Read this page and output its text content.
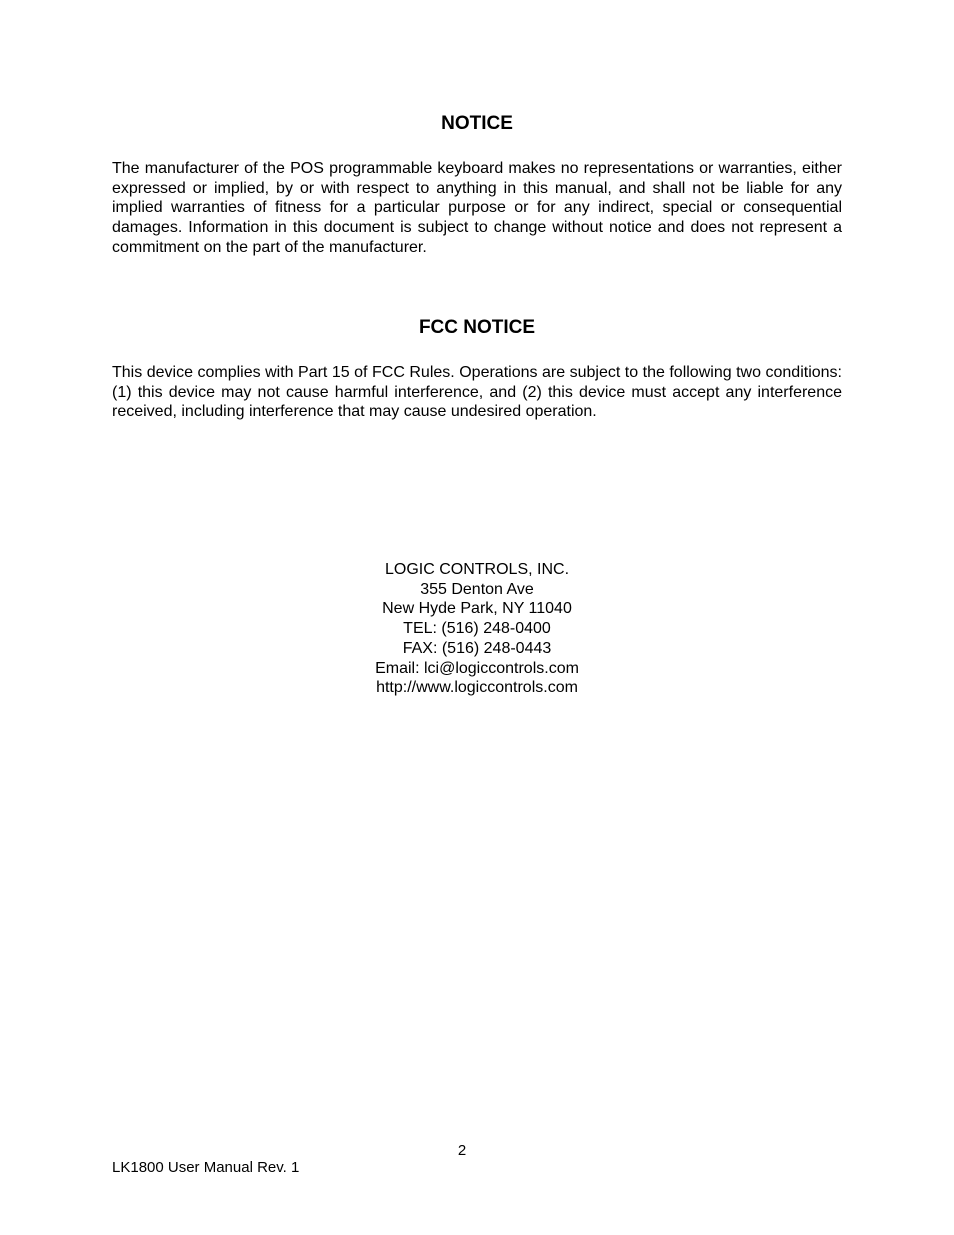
NOTICE

The manufacturer of the POS programmable keyboard makes no representations or warranties, either expressed or implied, by or with respect to anything in this manual, and shall not be liable for any implied warranties of fitness for a particular purpose or for any indirect, special or consequential damages. Information in this document is subject to change without notice and does not represent a commitment on the part of the manufacturer.

FCC NOTICE

This device complies with Part 15 of FCC Rules. Operations are subject to the following two conditions: (1) this device may not cause harmful interference, and (2) this device must accept any interference received, including interference that may cause undesired operation.

LOGIC CONTROLS, INC.
355 Denton Ave
New Hyde Park, NY 11040
TEL: (516) 248-0400
FAX: (516) 248-0443
Email: lci@logiccontrols.com
http://www.logiccontrols.com
2
LK1800 User Manual Rev. 1
